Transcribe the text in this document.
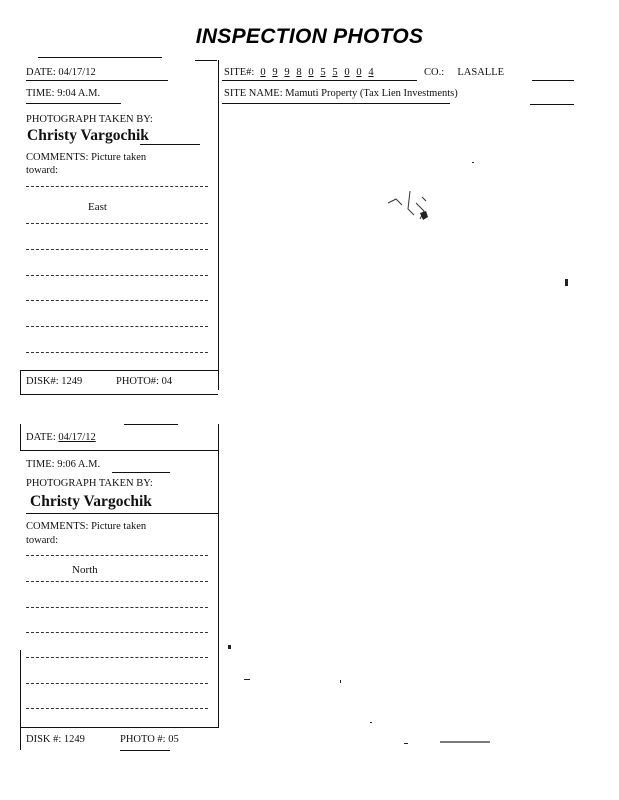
INSPECTION PHOTOS
DATE: 04/17/12	SITE#: 0 9 9 8 0 5 5 0 0 4	CO.: LASALLE
TIME: 9:04 A.M.	SITE NAME: Mamuti Property (Tax Lien Investments)
PHOTOGRAPH TAKEN BY:
Christy Vargochik
COMMENTS: Picture taken
toward:
East
DISK#: 1249	PHOTO#: 04
DATE: 04/17/12
TIME: 9:06 A.M.
PHOTOGRAPH TAKEN BY:
Christy Vargochik
COMMENTS: Picture taken
toward:
North
DISK #: 1249	PHOTO #: 05
